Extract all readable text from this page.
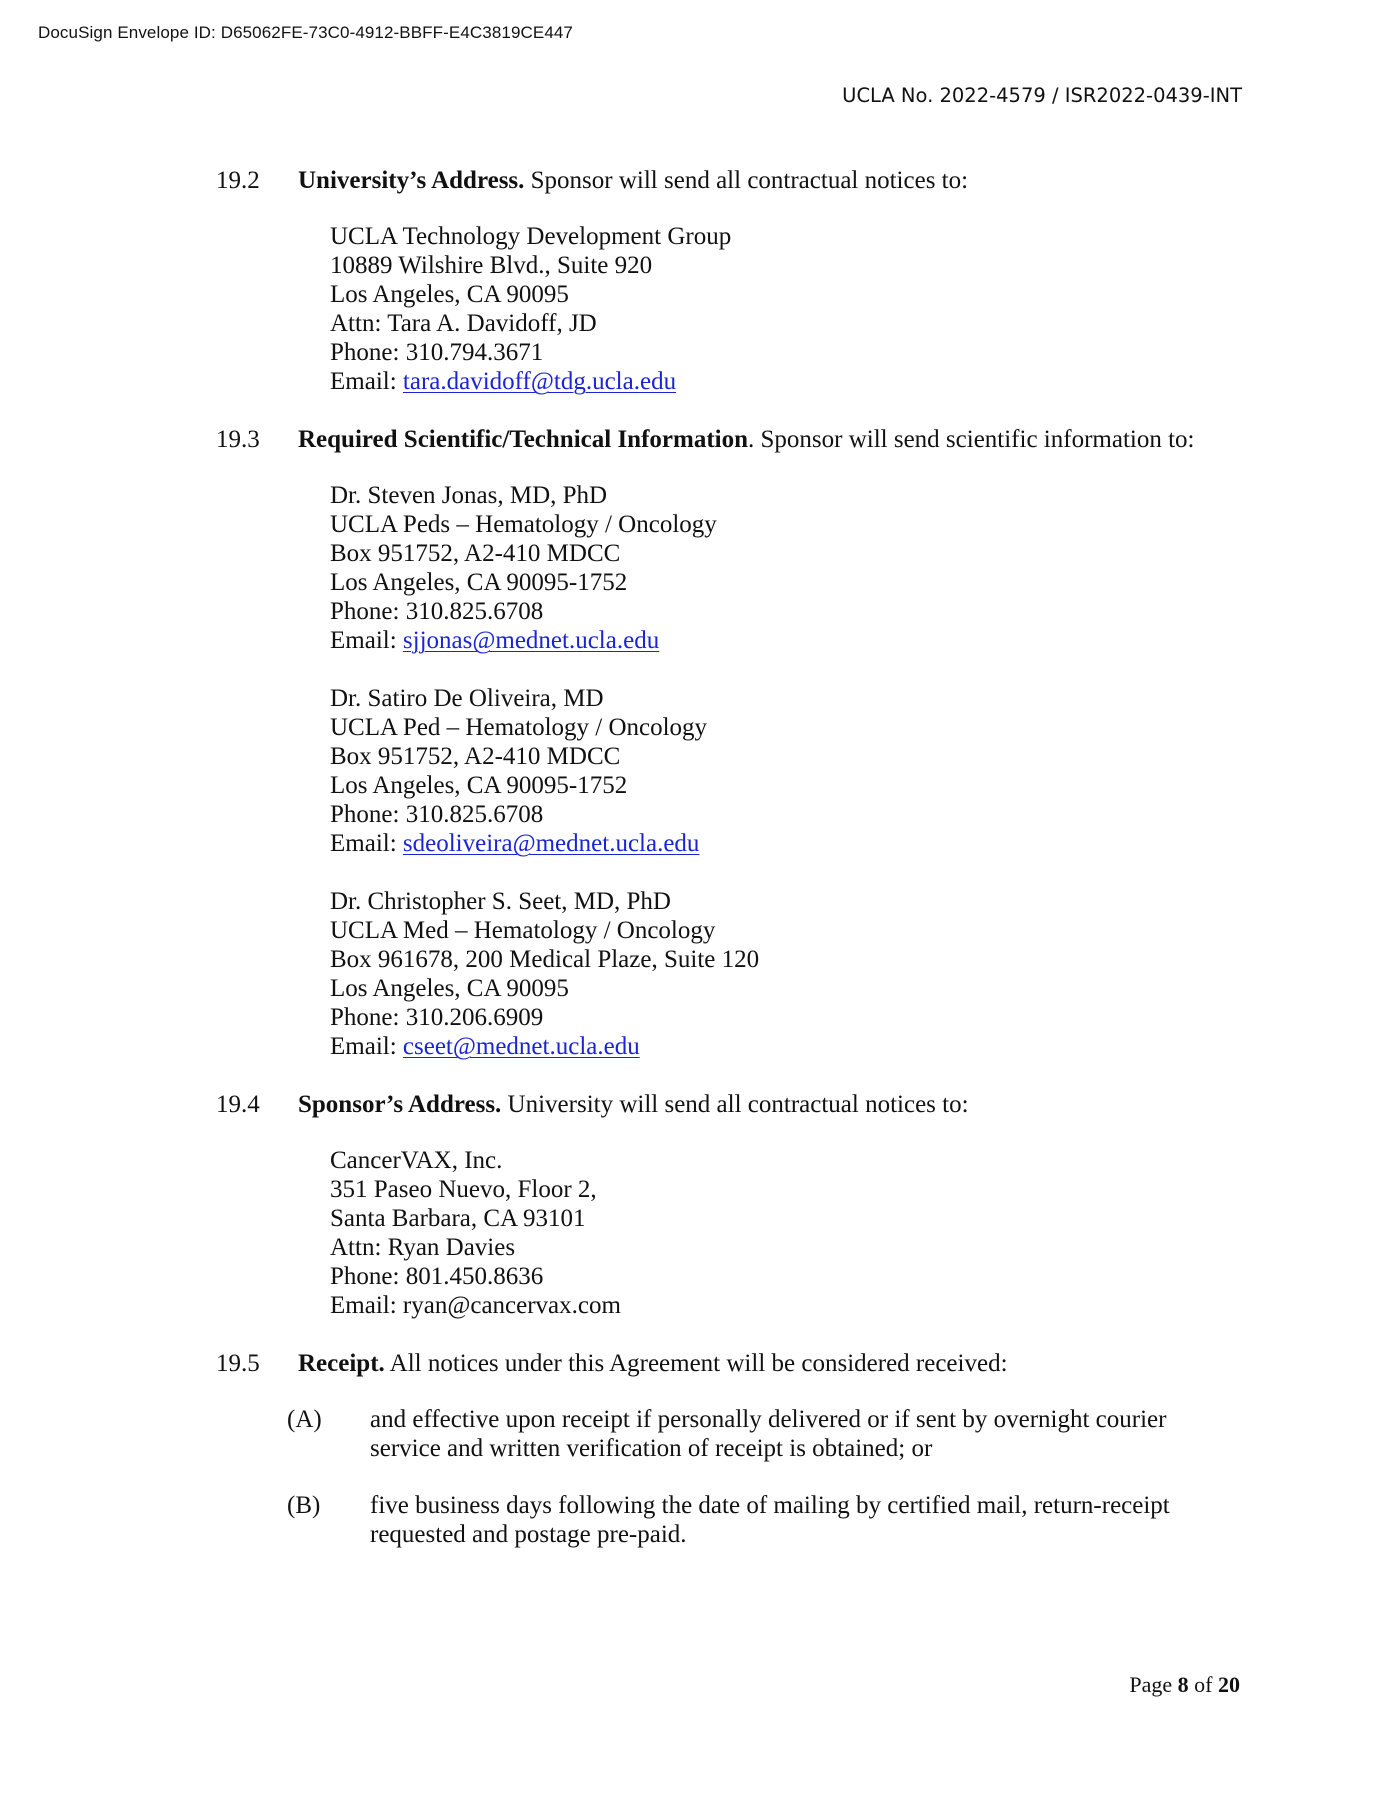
DocuSign Envelope ID: D65062FE-73C0-4912-BBFF-E4C3819CE447
UCLA No. 2022-4579 / ISR2022-0439-INT
19.2 University’s Address. Sponsor will send all contractual notices to:
UCLA Technology Development Group
10889 Wilshire Blvd., Suite 920
Los Angeles, CA 90095
Attn: Tara A. Davidoff, JD
Phone: 310.794.3671
Email: tara.davidoff@tdg.ucla.edu
19.3 Required Scientific/Technical Information. Sponsor will send scientific information to:
Dr. Steven Jonas, MD, PhD
UCLA Peds – Hematology / Oncology
Box 951752, A2-410 MDCC
Los Angeles, CA 90095-1752
Phone: 310.825.6708
Email: sjjonas@mednet.ucla.edu
Dr. Satiro De Oliveira, MD
UCLA Ped – Hematology / Oncology
Box 951752, A2-410 MDCC
Los Angeles, CA 90095-1752
Phone: 310.825.6708
Email: sdeoliveira@mednet.ucla.edu
Dr. Christopher S. Seet, MD, PhD
UCLA Med – Hematology / Oncology
Box 961678, 200 Medical Plaze, Suite 120
Los Angeles, CA 90095
Phone: 310.206.6909
Email: cseet@mednet.ucla.edu
19.4 Sponsor’s Address. University will send all contractual notices to:
CancerVAX, Inc.
351 Paseo Nuevo, Floor 2,
Santa Barbara, CA 93101
Attn: Ryan Davies
Phone: 801.450.8636
Email: ryan@cancervax.com
19.5 Receipt. All notices under this Agreement will be considered received:
(A) and effective upon receipt if personally delivered or if sent by overnight courier
service and written verification of receipt is obtained; or
(B) five business days following the date of mailing by certified mail, return-receipt
requested and postage pre-paid.
Page 8 of 20
